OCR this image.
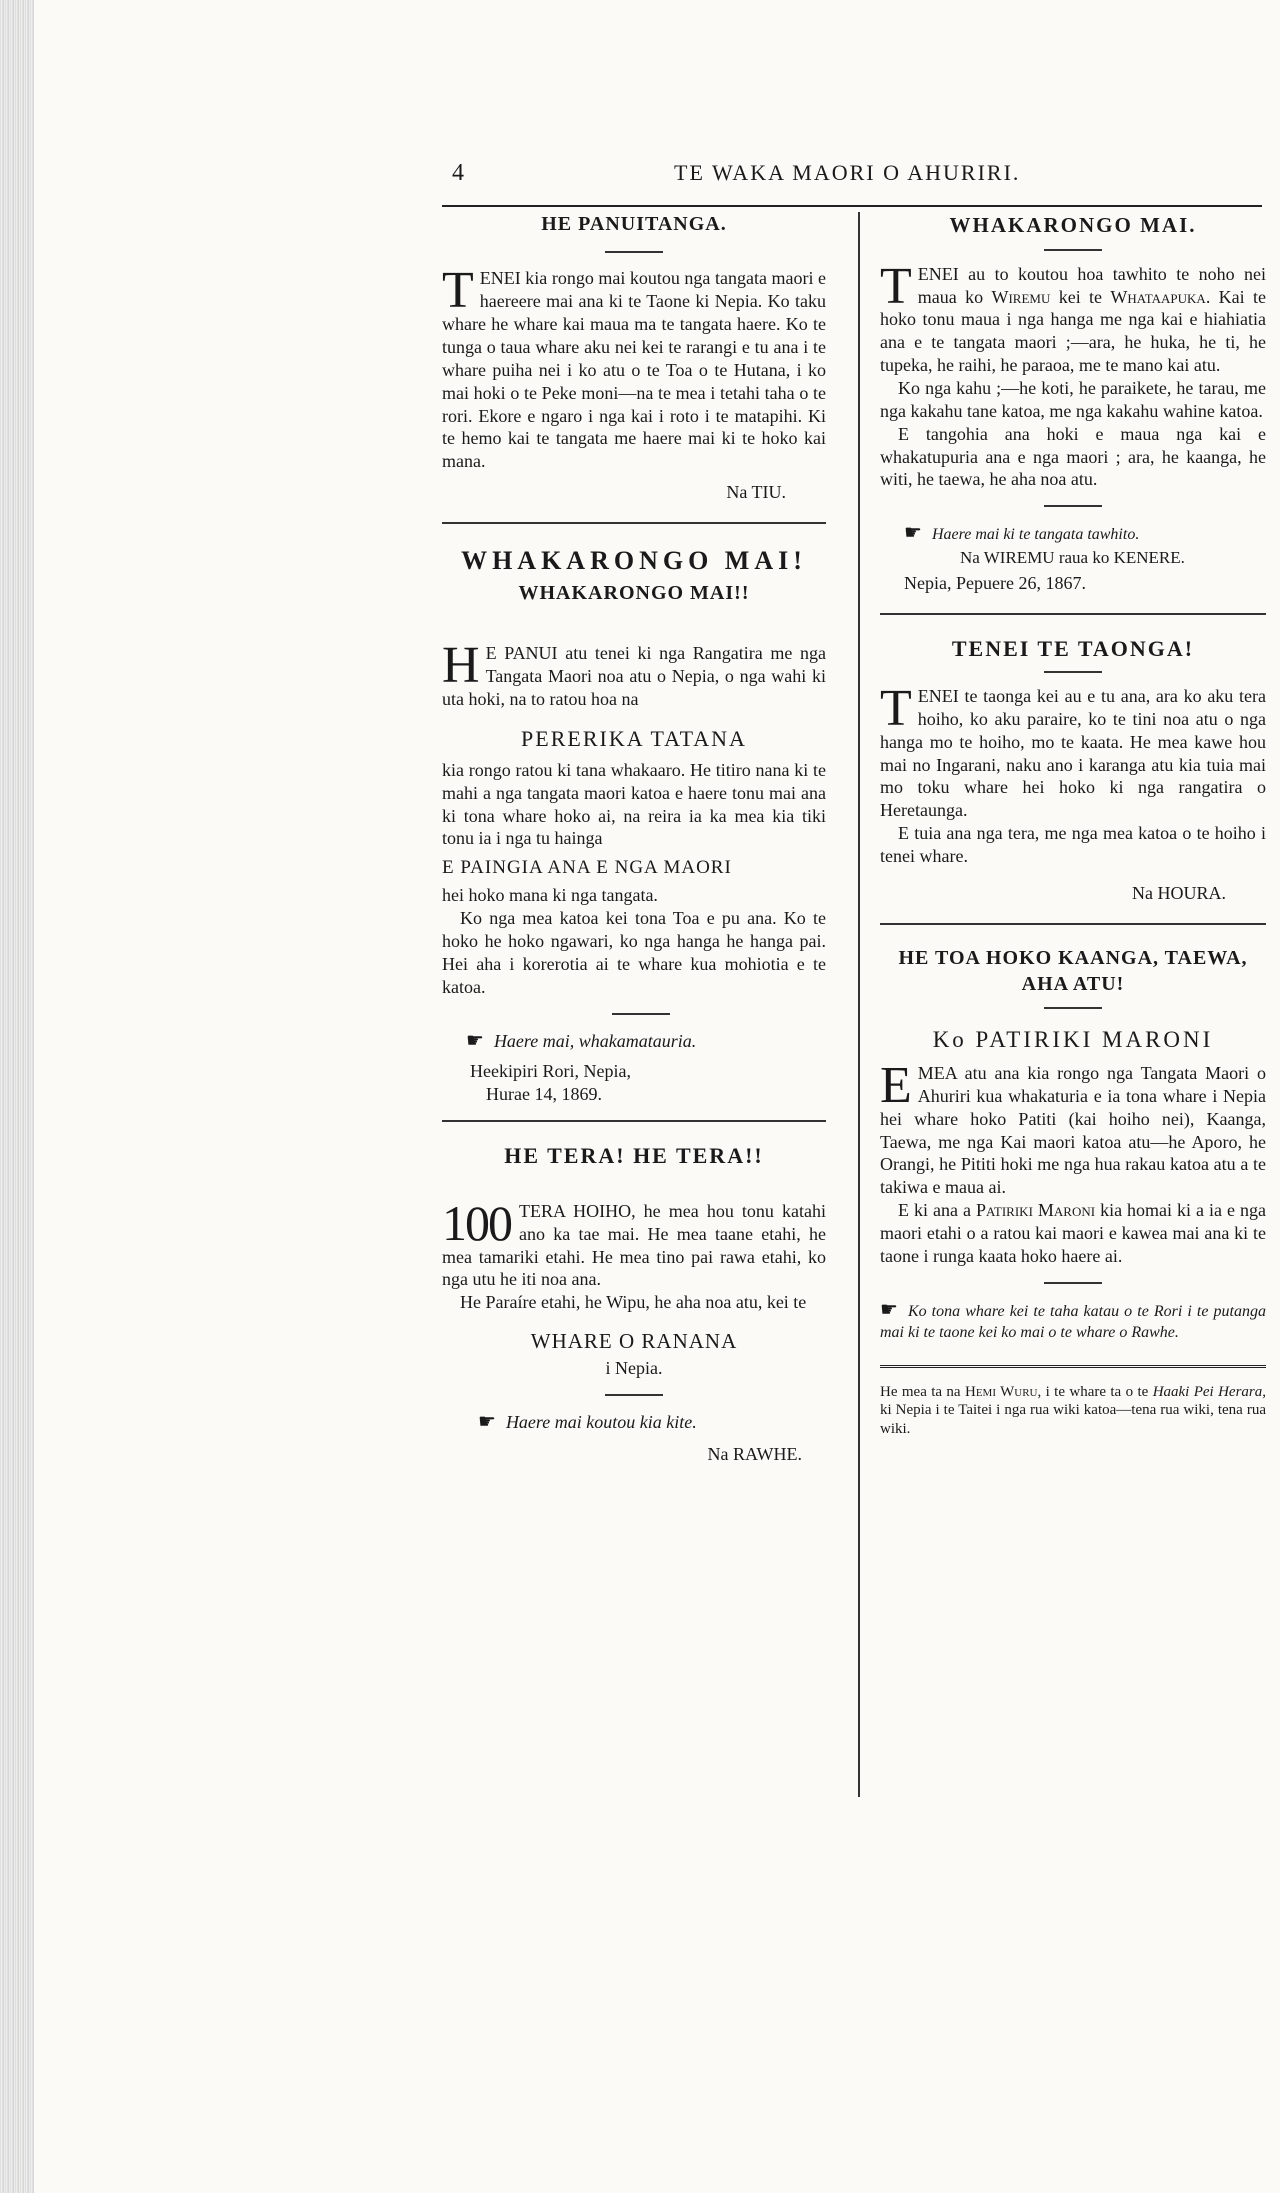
4	TE WAKA MAORI O AHURIRI.
HE PANUITANGA.

TENEI kia rongo mai koutou nga tangata maori e haereere mai ana ki te Taone ki Nepia. Ko taku whare he whare kai maua ma te tangata haere. Ko te tunga o taua whare aku nei kei te rarangi e tu ana i te whare puiha nei i ko atu o te Toa o te Hutana, i ko mai hoki o te Peke moni—na te mea i tetahi taha o te rori. Ekore e ngaro i nga kai i roto i te matapihi. Ki te hemo kai te tangata me haere mai ki te hoko kai mana.

Na TIU.

WHAKARONGO MAI!
WHAKARONGO MAI!!

H E PANUI atu tenei ki nga Rangatira me nga Tangata Maori noa atu o Nepia, o nga wahi ki uta hoki, na to ratou hoa na

PERERIKA TATANA

kia rongo ratou ki tana whakaaro. He titiro nana ki te mahi a nga tangata maori katoa e haere tonu mai ana ki tona whare hoko ai, na reira ia ka mea kia tiki tonu ia i nga tu hainga

E PAINGIA ANA E NGA MAORI

hei hoko mana ki nga tangata.

Ko nga mea katoa kei tona Toa e pu ana. Ko te hoko he hoko ngawari, ko nga hanga he hanga pai. Hei aha i korerotia ai te whare kua mohiotia e te katoa.

☛ Haere mai, whakamatauria.

Heekipiri Rori, Nepia,

Hurae 14, 1869.

HE TERA! HE TERA!!

100 TERA HOIHO, he mea hou tonu katahi ano ka tae mai. He mea taane etahi, he mea tamariki etahi. He mea tino pai rawa etahi, ko nga utu he iti noa ana.

He Paraíre etahi, he Wipu, he aha noa atu, kei te

WHARE O RANANA

i Nepia.

☛ Haere mai koutou kia kite.

Na RAWHE.

WHAKARONGO MAI.

TENEI au to koutou hoa tawhito te noho nei maua ko Wiremu kei te Whataapuka. Kai te hoko tonu maua i nga hanga me nga kai e hiahiatia ana e te tangata maori ;—ara, he huka, he ti, he tupeka, he raihi, he paraoa, me te mano kai atu.

Ko nga kahu ;—he koti, he paraikete, he tarau, me nga kakahu tane katoa, me nga kakahu wahine katoa.

E tangohia ana hoki e maua nga kai e whakatupuria ana e nga maori ; ara, he kaanga, he witi, he taewa, he aha noa atu.

☛ Haere mai ki te tangata tawhito.

Na WIREMU raua ko KENERE.

Nepia, Pepuere 26, 1867.

TENEI TE TAONGA!

TENEI te taonga kei au e tu ana, ara ko aku tera hoiho, ko aku paraire, ko te tini noa atu o nga hanga mo te hoiho, mo te kaata. He mea kawe hou mai no Ingarani, naku ano i karanga atu kia tuia mai mo toku whare hei hoko ki nga rangatira o Heretaunga.

E tuia ana nga tera, me nga mea katoa o te hoiho i tenei whare.

Na HOURA.

HE TOA HOKO KAANGA, TAEWA, AHA ATU!

Ko PATIRIKI MARONI

EMEA atu ana kia rongo nga Tangata Maori o Ahuriri kua whakaturia e ia tona whare i Nepia hei whare hoko Patiti (kai hoiho nei), Kaanga, Taewa, me nga Kai maori katoa atu—he Aporo, he Orangi, he Pititi hoki me nga hua rakau katoa atu a te takiwa e maua ai.

E ki ana a Patiriki Maroni kia homai ki a ia e nga maori etahi o a ratou kai maori e kawea mai ana ki te taone i runga kaata hoko haere ai.

☛ Ko tona whare kei te taha katau o te Rori i te putanga mai ki te taone kei ko mai o te whare o Rawhe.

He mea ta na Hemi Wuru, i te whare ta o te Haaki Pei Herara, ki Nepia i te Taitei i nga rua wiki katoa—tena rua wiki, tena rua wiki.
